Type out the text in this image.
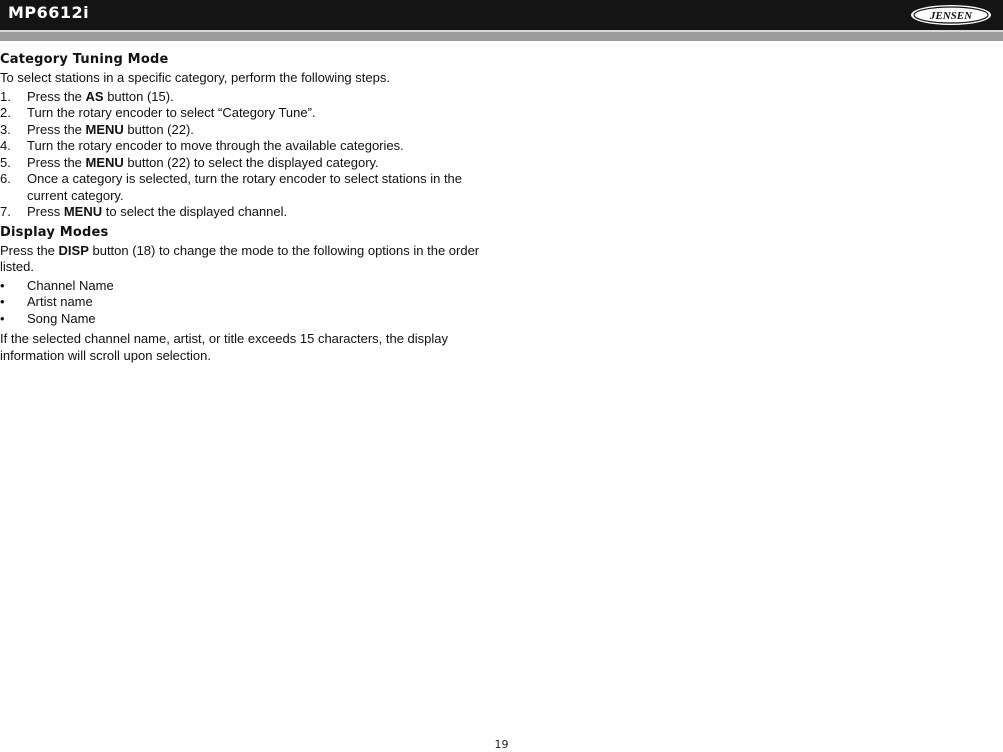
MP6612i	JENSEN
Category Tuning Mode
To select stations in a specific category, perform the following steps.
1. Press the AS button (15).
2. Turn the rotary encoder to select “Category Tune”.
3. Press the MENU button (22).
4. Turn the rotary encoder to move through the available categories.
5. Press the MENU button (22) to select the displayed category.
6. Once a category is selected, turn the rotary encoder to select stations in the current category.
7. Press MENU to select the displayed channel.
Display Modes
Press the DISP button (18) to change the mode to the following options in the order listed.
• Channel Name
• Artist name
• Song Name
If the selected channel name, artist, or title exceeds 15 characters, the display information will scroll upon selection.
19
